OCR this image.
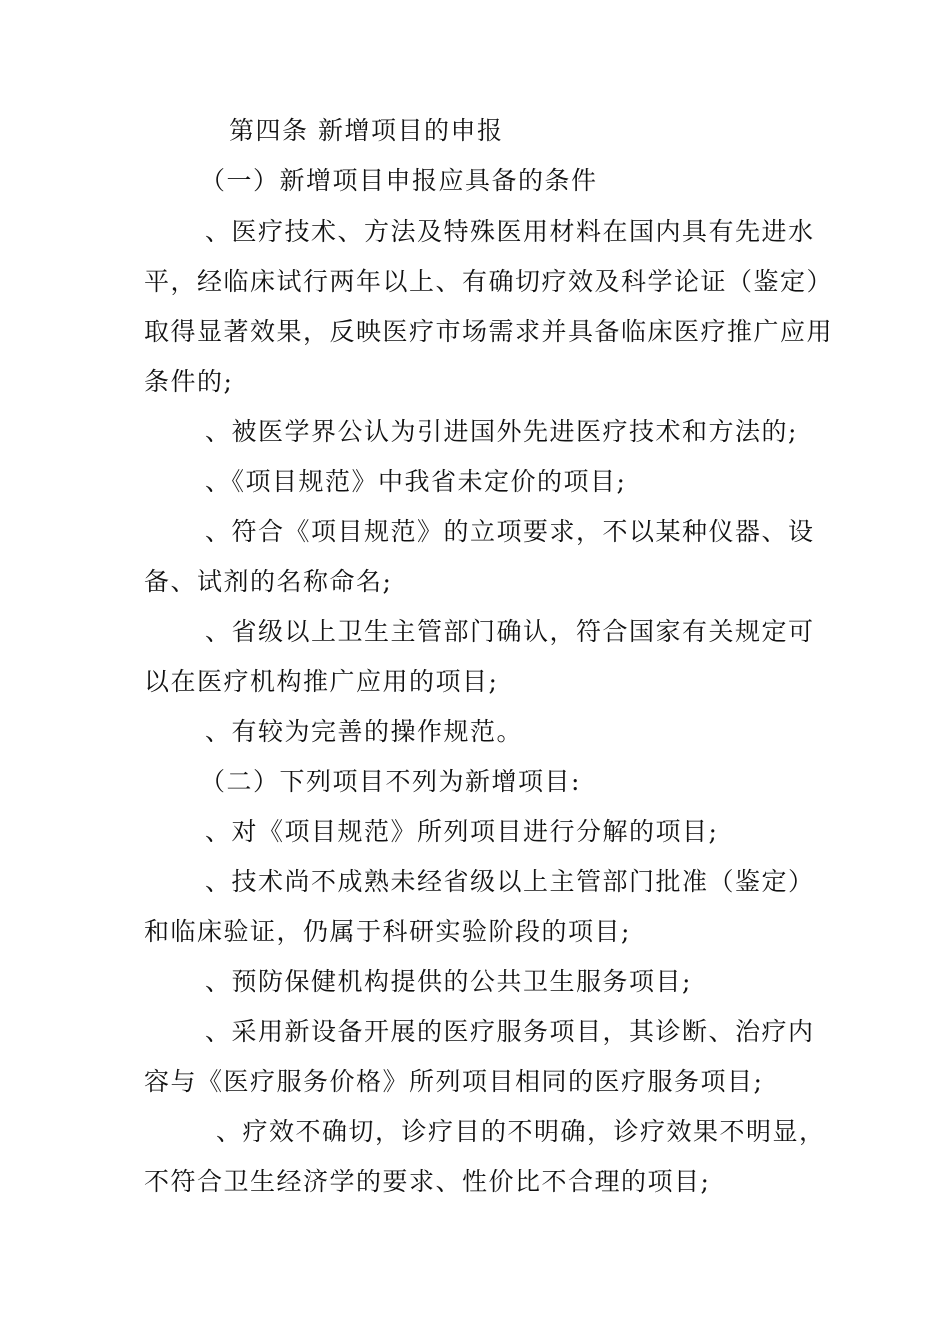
第四条 新增项目的申报
（一）新增项目申报应具备的条件
、医疗技术、方法及特殊医用材料在国内具有先进水
平，经临床试行两年以上、有确切疗效及科学论证（鉴定）
取得显著效果，反映医疗市场需求并具备临床医疗推广应用
条件的;
、被医学界公认为引进国外先进医疗技术和方法的;
、《项目规范》中我省未定价的项目;
、符合《项目规范》的立项要求，不以某种仪器、设
备、试剂的名称命名;
、省级以上卫生主管部门确认，符合国家有关规定可
以在医疗机构推广应用的项目;
、有较为完善的操作规范。
（二）下列项目不列为新增项目:
、对《项目规范》所列项目进行分解的项目;
、技术尚不成熟未经省级以上主管部门批准（鉴定）
和临床验证，仍属于科研实验阶段的项目;
、预防保健机构提供的公共卫生服务项目;
、采用新设备开展的医疗服务项目，其诊断、治疗内
容与《医疗服务价格》所列项目相同的医疗服务项目;
、疗效不确切，诊疗目的不明确，诊疗效果不明显，
不符合卫生经济学的要求、性价比不合理的项目;
